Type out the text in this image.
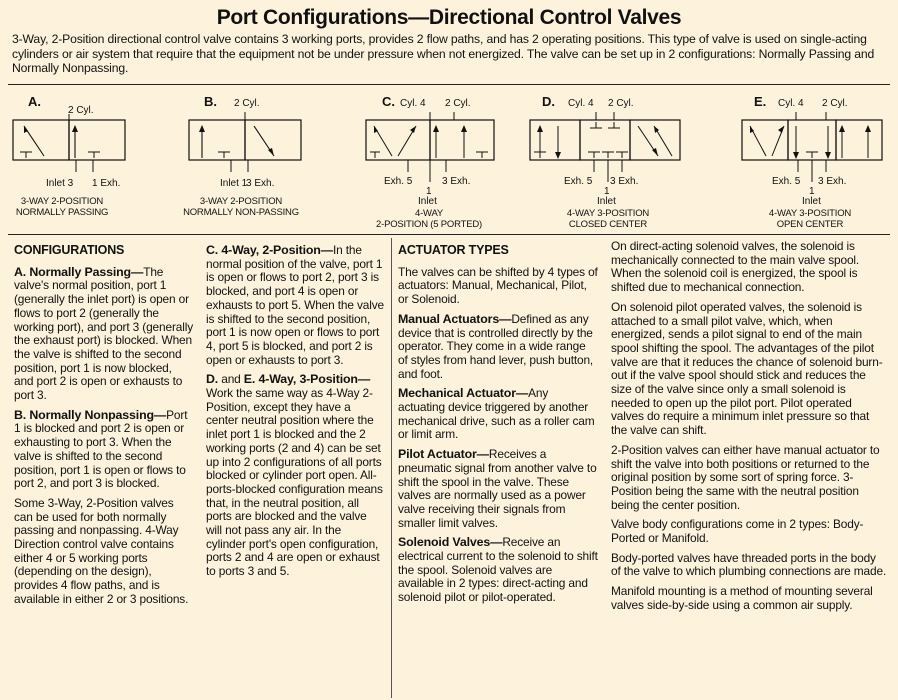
Port Configurations—Directional Control Valves
3-Way, 2-Position directional control valve contains 3 working ports, provides 2 flow paths, and has 2 operating positions. This type of valve is used on single-acting cylinders or air system that require that the equipment not be under pressure when not energized. The valve can be set up in 2 configurations: Normally Passing and Normally Nonpassing.
A.
2 Cyl.
Inlet 3 1 Exh.
3-WAY 2-POSITION
NORMALLY PASSING
B. 2 Cyl.
Inlet 1
3 Exh.
3-WAY 2-POSITION
NORMALLY NON-PASSING
C. Cyl. 4 2 Cyl.
Exh. 5	3 Exh.
1
Inlet
4-WAY
2-POSITION (5 PORTED)
D. Cyl. 4 2 Cyl.
Exh. 5 3 Exh.
1
Inlet
4-WAY 3-POSITION
CLOSED CENTER
E. Cyl. 4 2 Cyl.
Exh. 5 3 Exh.
1
Inlet
4-WAY 3-POSITION
OPEN CENTER
CONFIGURATIONS

A. Normally Passing—The valve's normal position, port 1 (generally the inlet port) is open or flows to port 2 (generally the working port), and port 3 (generally the exhaust port) is blocked. When the valve is shifted to the second position, port 1 is now blocked, and port 2 is open or exhausts to port 3.

B. Normally Nonpassing—Port 1 is blocked and port 2 is open or exhausting to port 3. When the valve is shifted to the second position, port 1 is open or flows to port 2, and port 3 is blocked.

Some 3-Way, 2-Position valves can be used for both normally passing and nonpassing. 4-Way Direction control valve contains either 4 or 5 working ports (depending on the design), provides 4 flow paths, and is available in either 2 or 3 positions.

C. 4-Way, 2-Position—In the normal position of the valve, port 1 is open or flows to port 2, port 3 is blocked, and port 4 is open or exhausts to port 5. When the valve is shifted to the second position, port 1 is now open or flows to port 4, port 5 is blocked, and port 2 is open or exhausts to port 3.

D. and E. 4-Way, 3-Position—Work the same way as 4-Way 2-Position, except they have a center neutral position where the inlet port 1 is blocked and the 2 working ports (2 and 4) can be set up into 2 configurations of all ports blocked or cylinder port open. All-ports-blocked configuration means that, in the neutral position, all ports are blocked and the valve will not pass any air. In the cylinder port's open configuration, ports 2 and 4 are open or exhaust to ports 3 and 5.

ACTUATOR TYPES

The valves can be shifted by 4 types of actuators: Manual, Mechanical, Pilot, or Solenoid.

Manual Actuators—Defined as any device that is controlled directly by the operator. They come in a wide range of styles from hand lever, push button, and foot.

Mechanical Actuator—Any actuating device triggered by another mechanical drive, such as a roller cam or limit arm.

Pilot Actuator—Receives a pneumatic signal from another valve to shift the spool in the valve. These valves are normally used as a power valve receiving their signals from smaller limit valves.

Solenoid Valves—Receive an electrical current to the solenoid to shift the spool. Solenoid valves are available in 2 types: direct-acting and solenoid pilot or pilot-operated.

On direct-acting solenoid valves, the solenoid is mechanically connected to the main valve spool. When the solenoid coil is energized, the spool is shifted due to mechanical connection.

On solenoid pilot operated valves, the solenoid is attached to a small pilot valve, which, when energized, sends a pilot signal to end of the main spool shifting the spool. The advantages of the pilot valve are that it reduces the chance of solenoid burn-out if the valve spool should stick and reduces the size of the valve since only a small solenoid is needed to open up the pilot port. Pilot operated valves do require a minimum inlet pressure so that the valve can shift.

2-Position valves can either have manual actuator to shift the valve into both positions or returned to the original position by some sort of spring force. 3-Position being the same with the neutral position being the center position.

Valve body configurations come in 2 types: Body-Ported or Manifold.

Body-ported valves have threaded ports in the body of the valve to which plumbing connections are made.

Manifold mounting is a method of mounting several valves side-by-side using a common air supply.
